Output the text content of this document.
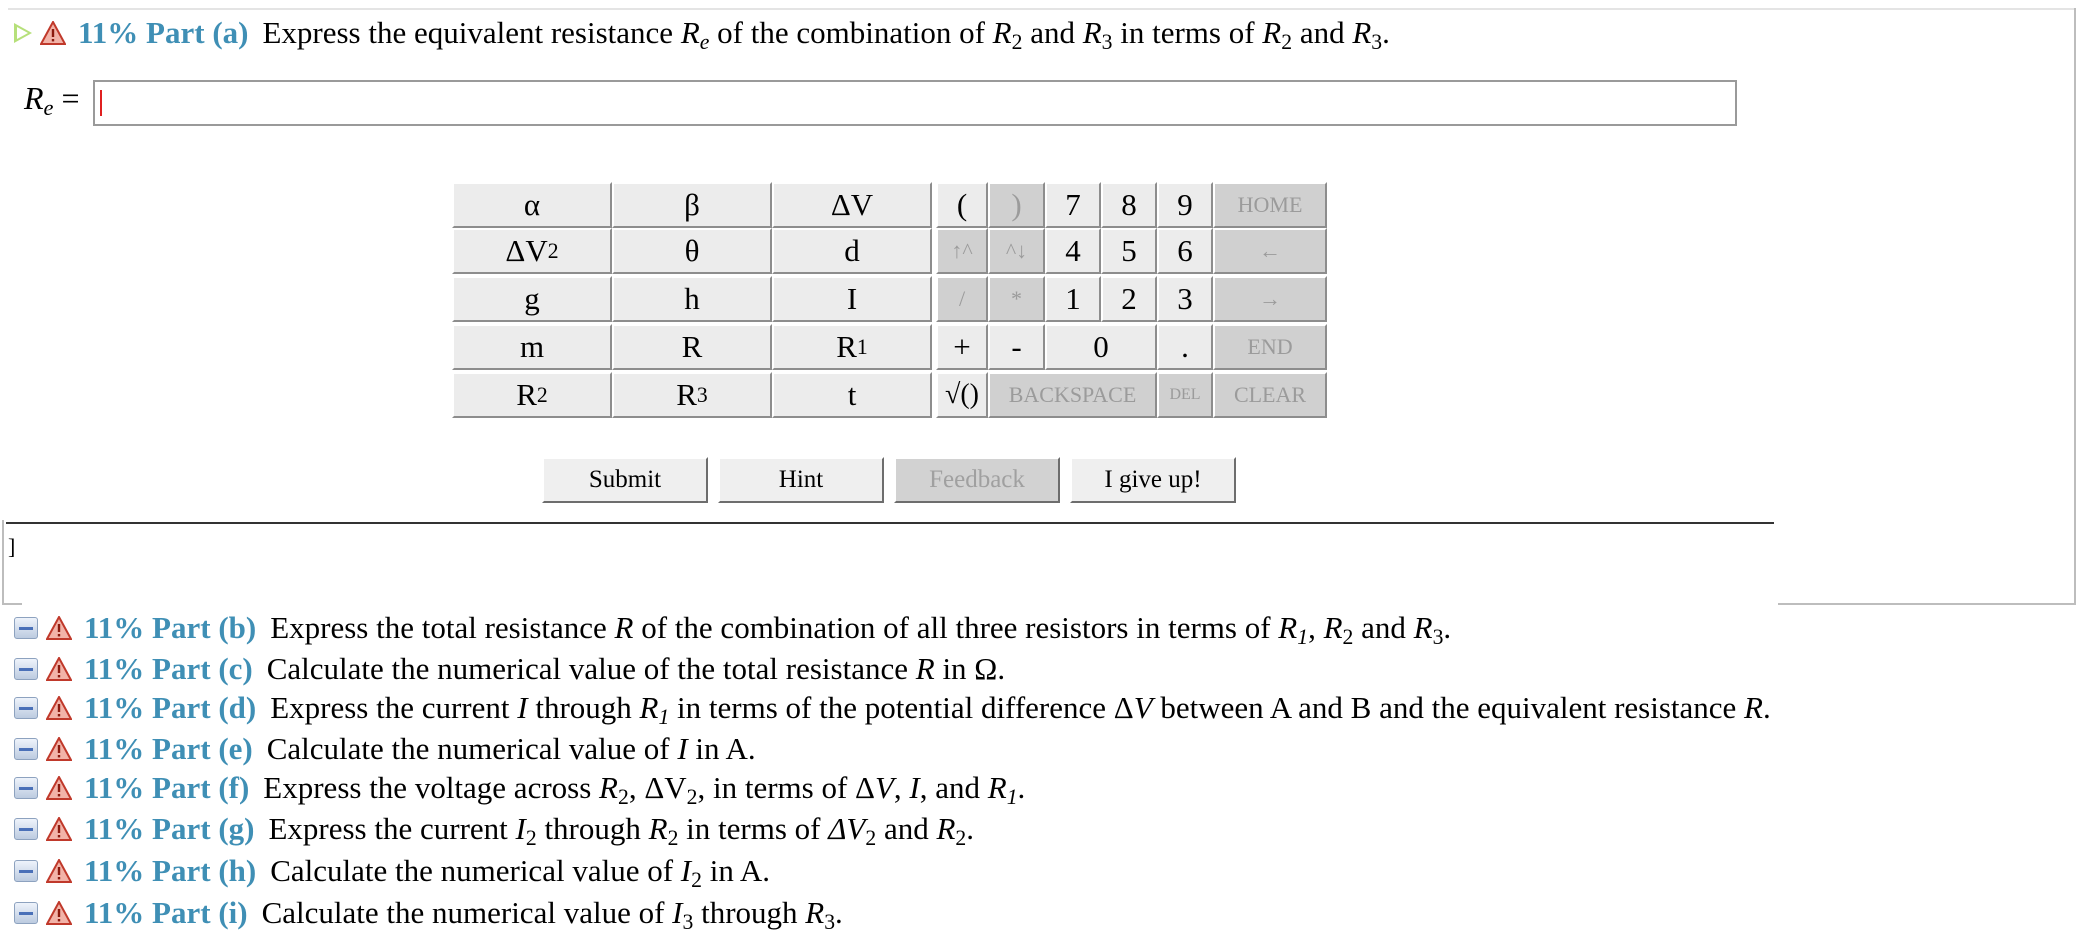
11% Part (a) Express the equivalent resistance $R_e$ of the combination of $R_2$ and $R_3$ in terms of $R_2$ and $R_3$.
$R_e$ =
α	β	ΔV	(	)	7	8	9	HOME
ΔV 2	θ	d	↑^	^↓	4	5	6	←
g	h	I	/	*	1	2	3	→
m	R	R 1	+	-	0	.	END
R 2	R 3	t	√()	BACKSPACE	DEL	CLEAR
Submit	Hint	Feedback	I give up!
]
11% Part (b) Express the total resistance R of the combination of all three resistors in terms of $R_1$, $R_2$ and $R_3$.
11% Part (c) Calculate the numerical value of the total resistance R in Ω.
11% Part (d) Express the current I through $R_1$ in terms of the potential difference ΔV between A and B and the equivalent resistance R.
11% Part (e) Calculate the numerical value of I in A.
11% Part (f) Express the voltage across $R_2$, $\Delta V_2$, in terms of ΔV, I, and $R_1$.
11% Part (g) Express the current $I_2$ through $R_2$ in terms of $\Delta V_2$ and $R_2$.
11% Part (h) Calculate the numerical value of $I_2$ in A.
11% Part (i) Calculate the numerical value of $I_3$ through $R_3$.
